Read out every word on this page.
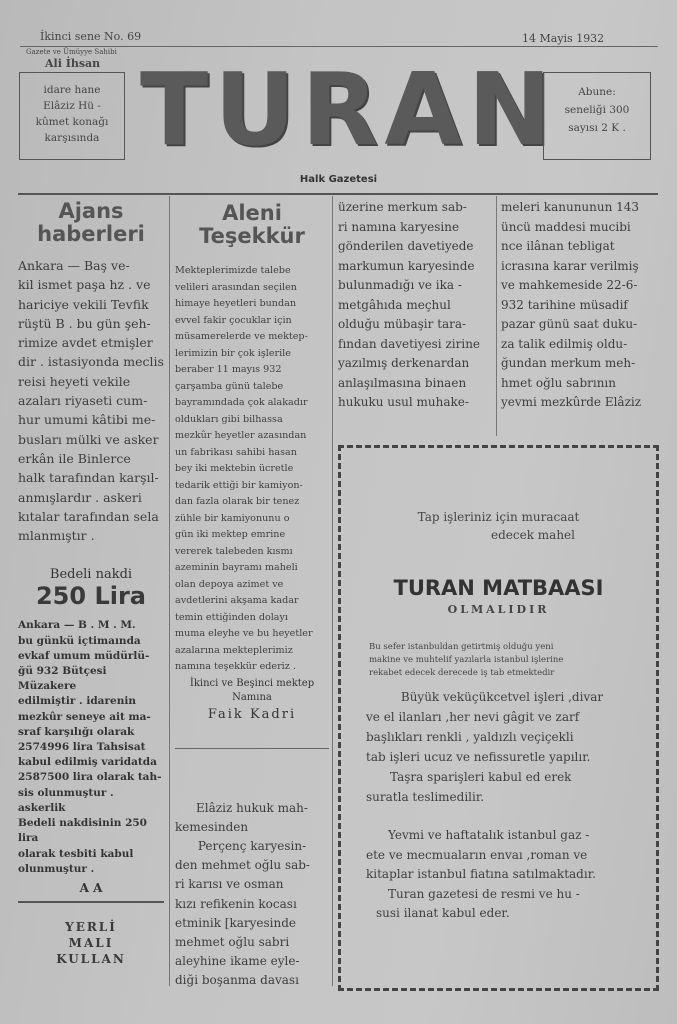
İkinci sene No. 69	14 Mayis 1932
Gazete ve Ümüyye Sahibi
Ali İhsan
idare hane
Elâziz Hü -
kûmet konağı
karşısında TURAN	Abune:
seneliği 300
sayısı 2 K .
Halk Gazetesi
Ajans
haberleri
Ankara — Baş ve-
kil ismet paşa hz . ve
hariciye vekili Tevfik
rüştü B . bu gün şeh-
rimize avdet etmişler
dir . istasiyonda meclis
reisi heyeti vekile
azaları riyaseti cum-
hur umumi kâtibi me-
busları mülki ve asker
erkân ile Binlerce
halk tarafından karşıl-
anmışlardır . askeri
kıtalar tarafından sela
mlanmıştır .
Bedeli nakdi
250 Lira
Ankara — B . M . M.
bu günkü içtimaında
evkaf umum müdürlü-
ğü 932 Bütçesi Müzakere
edilmiştir . idarenin
mezkûr seneye ait ma-
sraf karşılığı olarak
2574996 lira Tahsisat
kabul edilmiş varidatda
2587500 lira olarak tah-
sis olunmuştur . askerlik
Bedeli nakdisinin 250 lira
olarak tesbiti kabul
olunmuştur .
A A
YERLİ
MALI
KULLAN
Aleni
Teşekkür
Mekteplerimizde talebe
velileri arasından seçilen
himaye heyetleri bundan
evvel fakir çocuklar için
müsamerelerde ve mektep-
lerimizin bir çok işlerile
beraber 11 mayıs 932
çarşamba günü talebe
bayramındada çok alakadır
oldukları gibi bilhassa
mezkûr heyetler azasından
un fabrikası sahibi hasan
bey iki mektebin ücretle
tedarik ettiği bir kamiyon-
dan fazla olarak bir tenez
zühle bir kamiyonunu o
gün iki mektep emrine
vererek talebeden kısmı
azeminin bayramı maheli
olan depoya azimet ve
avdetlerini akşama kadar
temin ettiğinden dolayı
muma eleyhe ve bu heyetler
azalarına mekteplerimiz
namına teşekkür ederiz .
İkinci ve Beşinci mektep
Namına
Faik Kadri
Elâziz hukuk mah-
kemesinden
Perçenç karyesin-
den mehmet oğlu sab-
ri karısı ve osman
kızı refikenin kocası
etminik [karyesinde
mehmet oğlu sabri
aleyhine ikame eyle-
diği boşanma davası
üzerine merkum sab-
ri namına karyesine
gönderilen davetiyede
markumun karyesinde
bulunmadığı ve ika -
metgâhıda meçhul
olduğu mübaşir tara-
fından davetiyesi zirine
yazılmış derkenardan
anlaşılmasına binaen
hukuku usul muhake-
meleri kanununun 143
üncü maddesi mucibi
nce ilânan tebligat
icrasına karar verilmiş
ve mahkemeside 22-6-
932 tarihine müsadif
pazar günü saat duku-
za talik edilmiş oldu-
ğundan merkum meh-
hmet oğlu sabrının
yevmi mezkûrde Elâziz
Tap işleriniz için muracaat
edecek mahel
TURAN MATBAASI
OLMALIDIR
Bu sefer istanbuldan getirtmiş olduğu yeni
makine ve muhtelif yazılarla istanbul işlerine
rekabet edecek derecede iş tab etmektedir
Büyük veküçükcetvel işleri ,divar
ve el ilanları ,her nevi gâgit ve zarf
başlıkları renkli , yaldızlı veçiçekli
tab işleri ucuz ve nefissuretle yapılır.
Taşra sparişleri kabul ed erek
suratla teslimedilir.
Yevmi ve haftatalık istanbul gaz -
ete ve mecmuaların envaı ,roman ve
kitaplar istanbul fiatına satılmaktadır.
Turan gazetesi de resmi ve hu -
susi ilanat kabul eder.
